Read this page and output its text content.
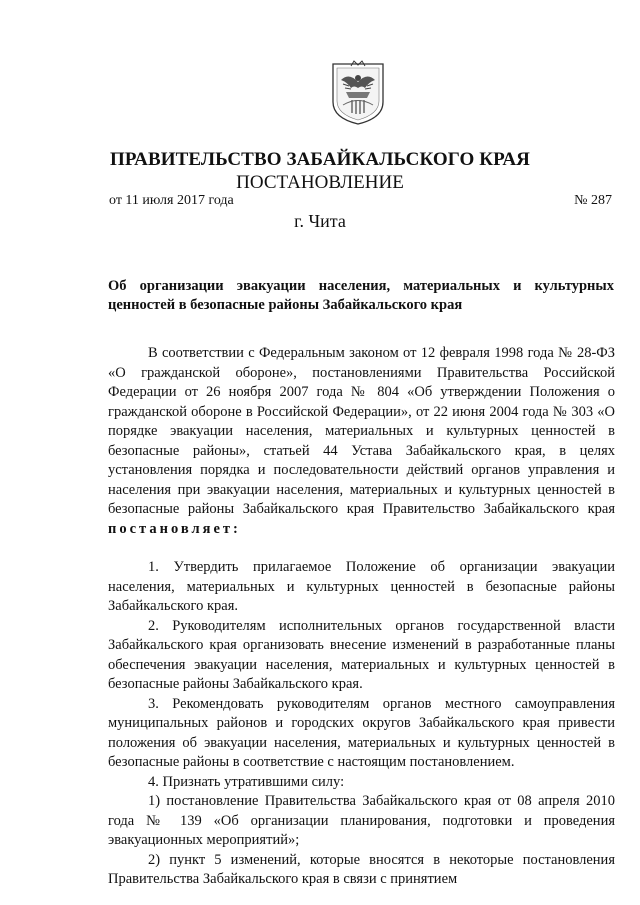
ПРАВИТЕЛЬСТВО ЗАБАЙКАЛЬСКОГО КРАЯ
ПОСТАНОВЛЕНИЕ
от 11 июля 2017 года	№ 287
г. Чита
Об организации эвакуации населения, материальных и культурных ценностей в безопасные районы Забайкальского края

В соответствии с Федеральным законом от 12 февраля 1998 года № 28-ФЗ «О гражданской обороне», постановлениями Правительства Российской Федерации от 26 ноября 2007 года № 804 «Об утверждении Положения о гражданской обороне в Российской Федерации», от 22 июня 2004 года № 303 «О порядке эвакуации населения, материальных и культурных ценностей в безопасные районы», статьей 44 Устава Забайкальского края, в целях установления порядка и последовательности действий органов управления и населения при эвакуации населения, материальных и культурных ценностей в безопасные районы Забайкальского края Правительство Забайкальского края постановляет:

1. Утвердить прилагаемое Положение об организации эвакуации населения, материальных и культурных ценностей в безопасные районы Забайкальского края.

2. Руководителям исполнительных органов государственной власти Забайкальского края организовать внесение изменений в разработанные планы обеспечения эвакуации населения, материальных и культурных ценностей в безопасные районы Забайкальского края.

3. Рекомендовать руководителям органов местного самоуправления муниципальных районов и городских округов Забайкальского края привести положения об эвакуации населения, материальных и культурных ценностей в безопасные районы в соответствие с настоящим постановлением.

4. Признать утратившими силу:

1) постановление Правительства Забайкальского края от 08 апреля 2010 года № 139 «Об организации планирования, подготовки и проведения эвакуационных мероприятий»;

2) пункт 5 изменений, которые вносятся в некоторые постановления Правительства Забайкальского края в связи с принятием
